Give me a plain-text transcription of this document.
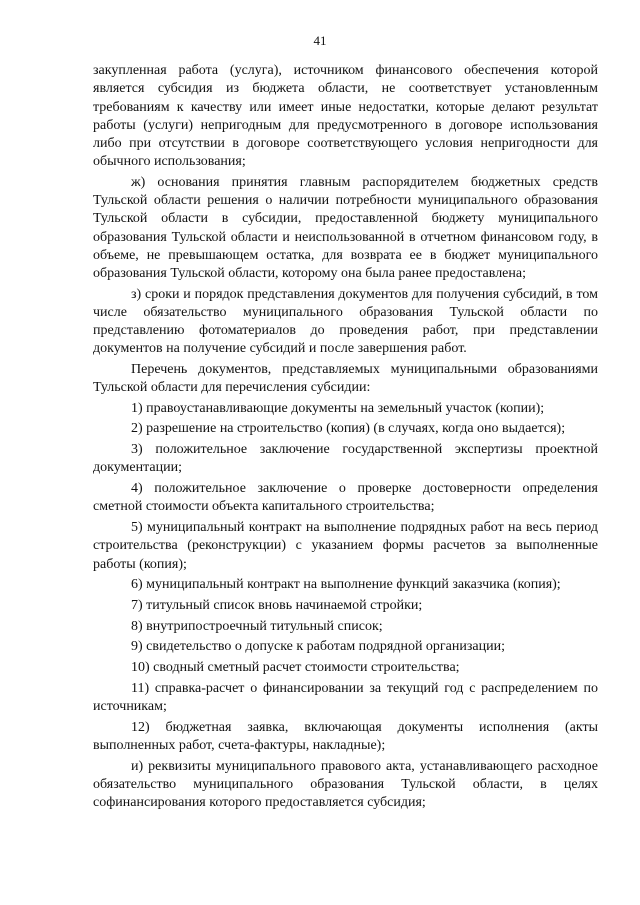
41

закупленная работа (услуга), источником финансового обеспечения которой является субсидия из бюджета области, не соответствует установленным требованиям к качеству или имеет иные недостатки, которые делают результат работы (услуги) непригодным для предусмотренного в договоре использования либо при отсутствии в договоре соответствующего условия непригодности для обычного использования;

ж) основания принятия главным распорядителем бюджетных средств Тульской области решения о наличии потребности муниципального образования Тульской области в субсидии, предоставленной бюджету муниципального образования Тульской области и неиспользованной в отчетном финансовом году, в объеме, не превышающем остатка, для возврата ее в бюджет муниципального образования Тульской области, которому она была ранее предоставлена;

з) сроки и порядок представления документов для получения субсидий, в том числе обязательство муниципального образования Тульской области по представлению фотоматериалов до проведения работ, при представлении документов на получение субсидий и после завершения работ.

Перечень документов, представляемых муниципальными образованиями Тульской области для перечисления субсидии:

1) правоустанавливающие документы на земельный участок (копии);

2) разрешение на строительство (копия) (в случаях, когда оно выдается);

3) положительное заключение государственной экспертизы проектной документации;

4) положительное заключение о проверке достоверности определения сметной стоимости объекта капитального строительства;

5) муниципальный контракт на выполнение подрядных работ на весь период строительства (реконструкции) с указанием формы расчетов за выполненные работы (копия);

6) муниципальный контракт на выполнение функций заказчика (копия);

7) титульный список вновь начинаемой стройки;

8) внутрипостроечный титульный список;

9) свидетельство о допуске к работам подрядной организации;

10) сводный сметный расчет стоимости строительства;

11) справка-расчет о финансировании за текущий год с распределением по источникам;

12) бюджетная заявка, включающая документы исполнения (акты выполненных работ, счета-фактуры, накладные);

и) реквизиты муниципального правового акта, устанавливающего расходное обязательство муниципального образования Тульской области, в целях софинансирования которого предоставляется субсидия;
